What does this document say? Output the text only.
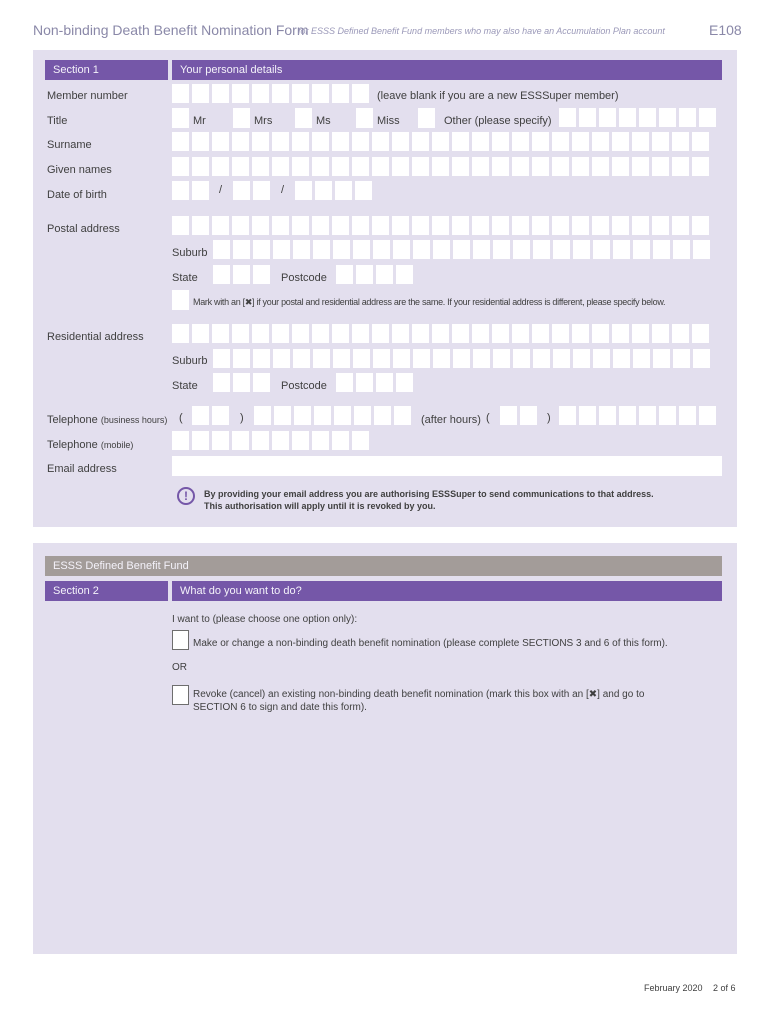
Non-binding Death Benefit Nomination Form
for ESSS Defined Benefit Fund members who may also have an Accumulation Plan account	E108
Section 1	Your personal details
Member number	(leave blank if you are a new ESSSuper member)
Title	Mr	Mrs	Ms	Miss	Other (please specify)
Surname
Given names
Date of birth	/	/
Postal address
Suburb
State	Postcode
Mark with an [✖] if your postal and residential address are the same. If your residential address is different, please specify below.
Residential address
Suburb
State	Postcode
Telephone (business hours) (	)	(after hours) (	)
Telephone (mobile)
Email address
!	By providing your email address you are authorising ESSSuper to send communications to that address.
This authorisation will apply until it is revoked by you.
ESSS Defined Benefit Fund
Section 2	What do you want to do?
I want to (please choose one option only):
Make or change a non-binding death benefit nomination (please complete SECTIONS 3 and 6 of this form).
OR
Revoke (cancel) an existing non-binding death benefit nomination (mark this box with an [✖] and go to
SECTION 6 to sign and date this form).
February 2020 2 of 6
